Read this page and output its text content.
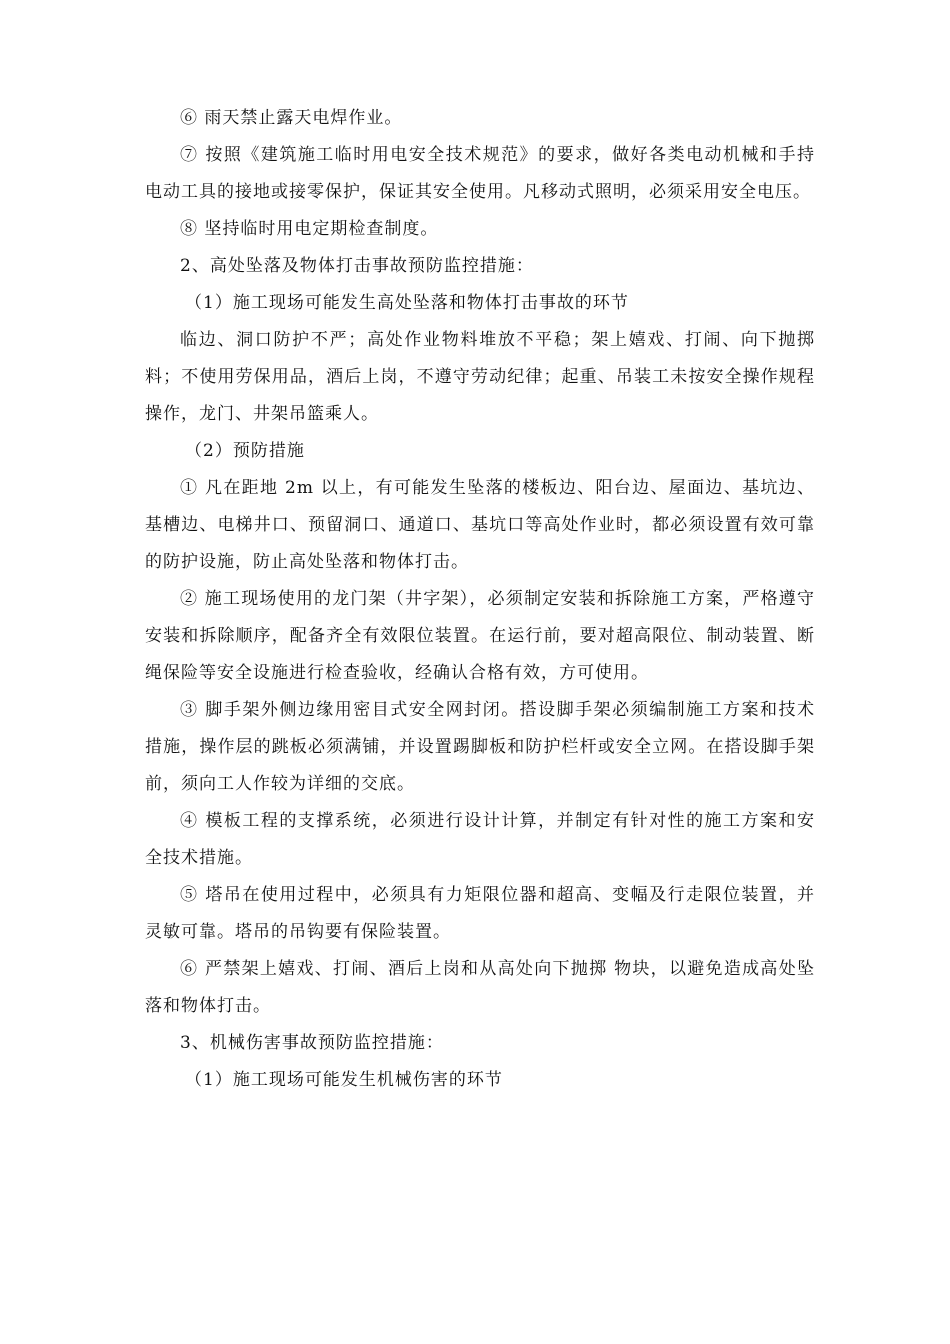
⑥ 雨天禁止露天电焊作业。

⑦ 按照《建筑施工临时用电安全技术规范》的要求，做好各类电动机械和手持电动工具的接地或接零保护，保证其安全使用。凡移动式照明，必须采用安全电压。

⑧ 坚持临时用电定期检查制度。

2、高处坠落及物体打击事故预防监控措施：

（1）施工现场可能发生高处坠落和物体打击事故的环节

临边、洞口防护不严；高处作业物料堆放不平稳；架上嬉戏、打闹、向下抛掷料；不使用劳保用品，酒后上岗，不遵守劳动纪律；起重、吊装工未按安全操作规程操作，龙门、井架吊篮乘人。

（2）预防措施

① 凡在距地 2m 以上，有可能发生坠落的楼板边、阳台边、屋面边、基坑边、基槽边、电梯井口、预留洞口、通道口、基坑口等高处作业时，都必须设置有效可靠的防护设施，防止高处坠落和物体打击。

② 施工现场使用的龙门架（井字架），必须制定安装和拆除施工方案，严格遵守安装和拆除顺序，配备齐全有效限位装置。在运行前，要对超高限位、制动装置、断绳保险等安全设施进行检查验收，经确认合格有效，方可使用。

③ 脚手架外侧边缘用密目式安全网封闭。搭设脚手架必须编制施工方案和技术措施，操作层的跳板必须满铺，并设置踢脚板和防护栏杆或安全立网。在搭设脚手架前，须向工人作较为详细的交底。

④ 模板工程的支撑系统，必须进行设计计算，并制定有针对性的施工方案和安全技术措施。

⑤ 塔吊在使用过程中，必须具有力矩限位器和超高、变幅及行走限位装置，并灵敏可靠。塔吊的吊钩要有保险装置。

⑥ 严禁架上嬉戏、打闹、酒后上岗和从高处向下抛掷 物块，以避免造成高处坠落和物体打击。

3、机械伤害事故预防监控措施：

（1）施工现场可能发生机械伤害的环节
